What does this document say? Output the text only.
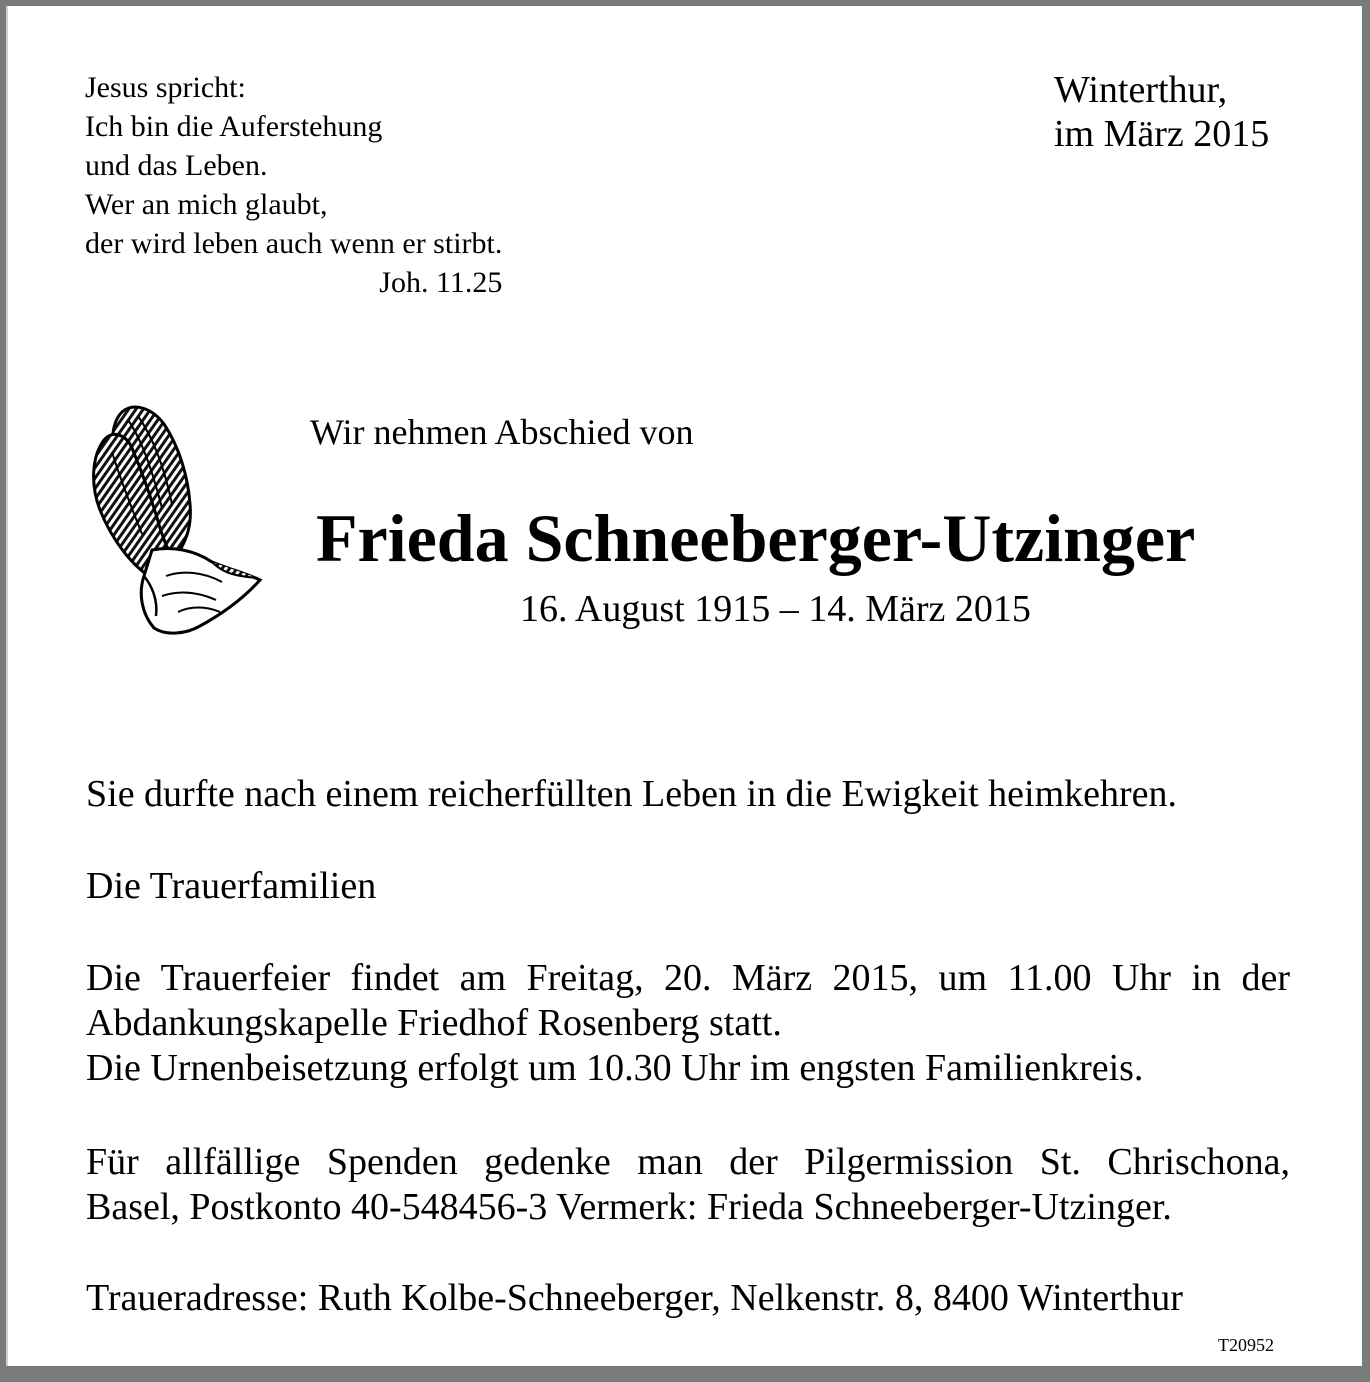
Jesus spricht:
Ich bin die Auferstehung
und das Leben.
Wer an mich glaubt,
der wird leben auch wenn er stirbt.
Joh. 11.25
Winterthur,
im März 2015
Wir nehmen Abschied von
Frieda Schneeberger-Utzinger
16. August 1915 – 14. März 2015
Sie durfte nach einem reicherfüllten Leben in die Ewigkeit heimkehren.
Die Trauerfamilien
Die Trauerfeier findet am Freitag, 20. März 2015, um 11.00 Uhr in der
Abdankungskapelle Friedhof Rosenberg statt.
Die Urnenbeisetzung erfolgt um 10.30 Uhr im engsten Familienkreis.
Für allfällige Spenden gedenke man der Pilgermission St. Chrischona,
Basel, Postkonto 40-548456-3 Vermerk: Frieda Schneeberger-Utzinger.
Traueradresse: Ruth Kolbe-Schneeberger, Nelkenstr. 8, 8400 Winterthur
T20952
